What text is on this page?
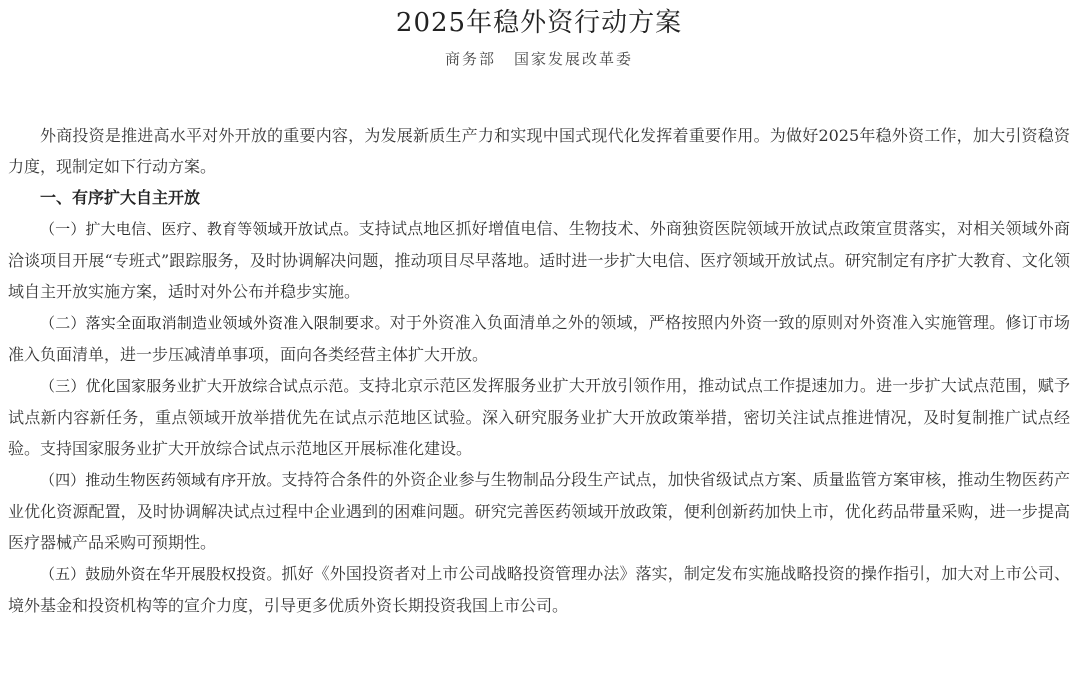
2025年稳外资行动方案
商务部 国家发展改革委

外商投资是推进高水平对外开放的重要内容，为发展新质生产力和实现中国式现代化发挥着重要作用。为做好2025年稳外资工作，加大引资稳资力度，现制定如下行动方案。

一、有序扩大自主开放

（一）扩大电信、医疗、教育等领域开放试点。支持试点地区抓好增值电信、生物技术、外商独资医院领域开放试点政策宣贯落实，对相关领域外商洽谈项目开展“专班式”跟踪服务，及时协调解决问题，推动项目尽早落地。适时进一步扩大电信、医疗领域开放试点。研究制定有序扩大教育、文化领域自主开放实施方案，适时对外公布并稳步实施。

（二）落实全面取消制造业领域外资准入限制要求。对于外资准入负面清单之外的领域，严格按照内外资一致的原则对外资准入实施管理。修订市场准入负面清单，进一步压减清单事项，面向各类经营主体扩大开放。

（三）优化国家服务业扩大开放综合试点示范。支持北京示范区发挥服务业扩大开放引领作用，推动试点工作提速加力。进一步扩大试点范围，赋予试点新内容新任务，重点领域开放举措优先在试点示范地区试验。深入研究服务业扩大开放政策举措，密切关注试点推进情况，及时复制推广试点经验。支持国家服务业扩大开放综合试点示范地区开展标准化建设。

（四）推动生物医药领域有序开放。支持符合条件的外资企业参与生物制品分段生产试点，加快省级试点方案、质量监管方案审核，推动生物医药产业优化资源配置，及时协调解决试点过程中企业遇到的困难问题。研究完善医药领域开放政策，便利创新药加快上市，优化药品带量采购，进一步提高医疗器械产品采购可预期性。

（五）鼓励外资在华开展股权投资。抓好《外国投资者对上市公司战略投资管理办法》落实，制定发布实施战略投资的操作指引，加大对上市公司、境外基金和投资机构等的宣介力度，引导更多优质外资长期投资我国上市公司。
